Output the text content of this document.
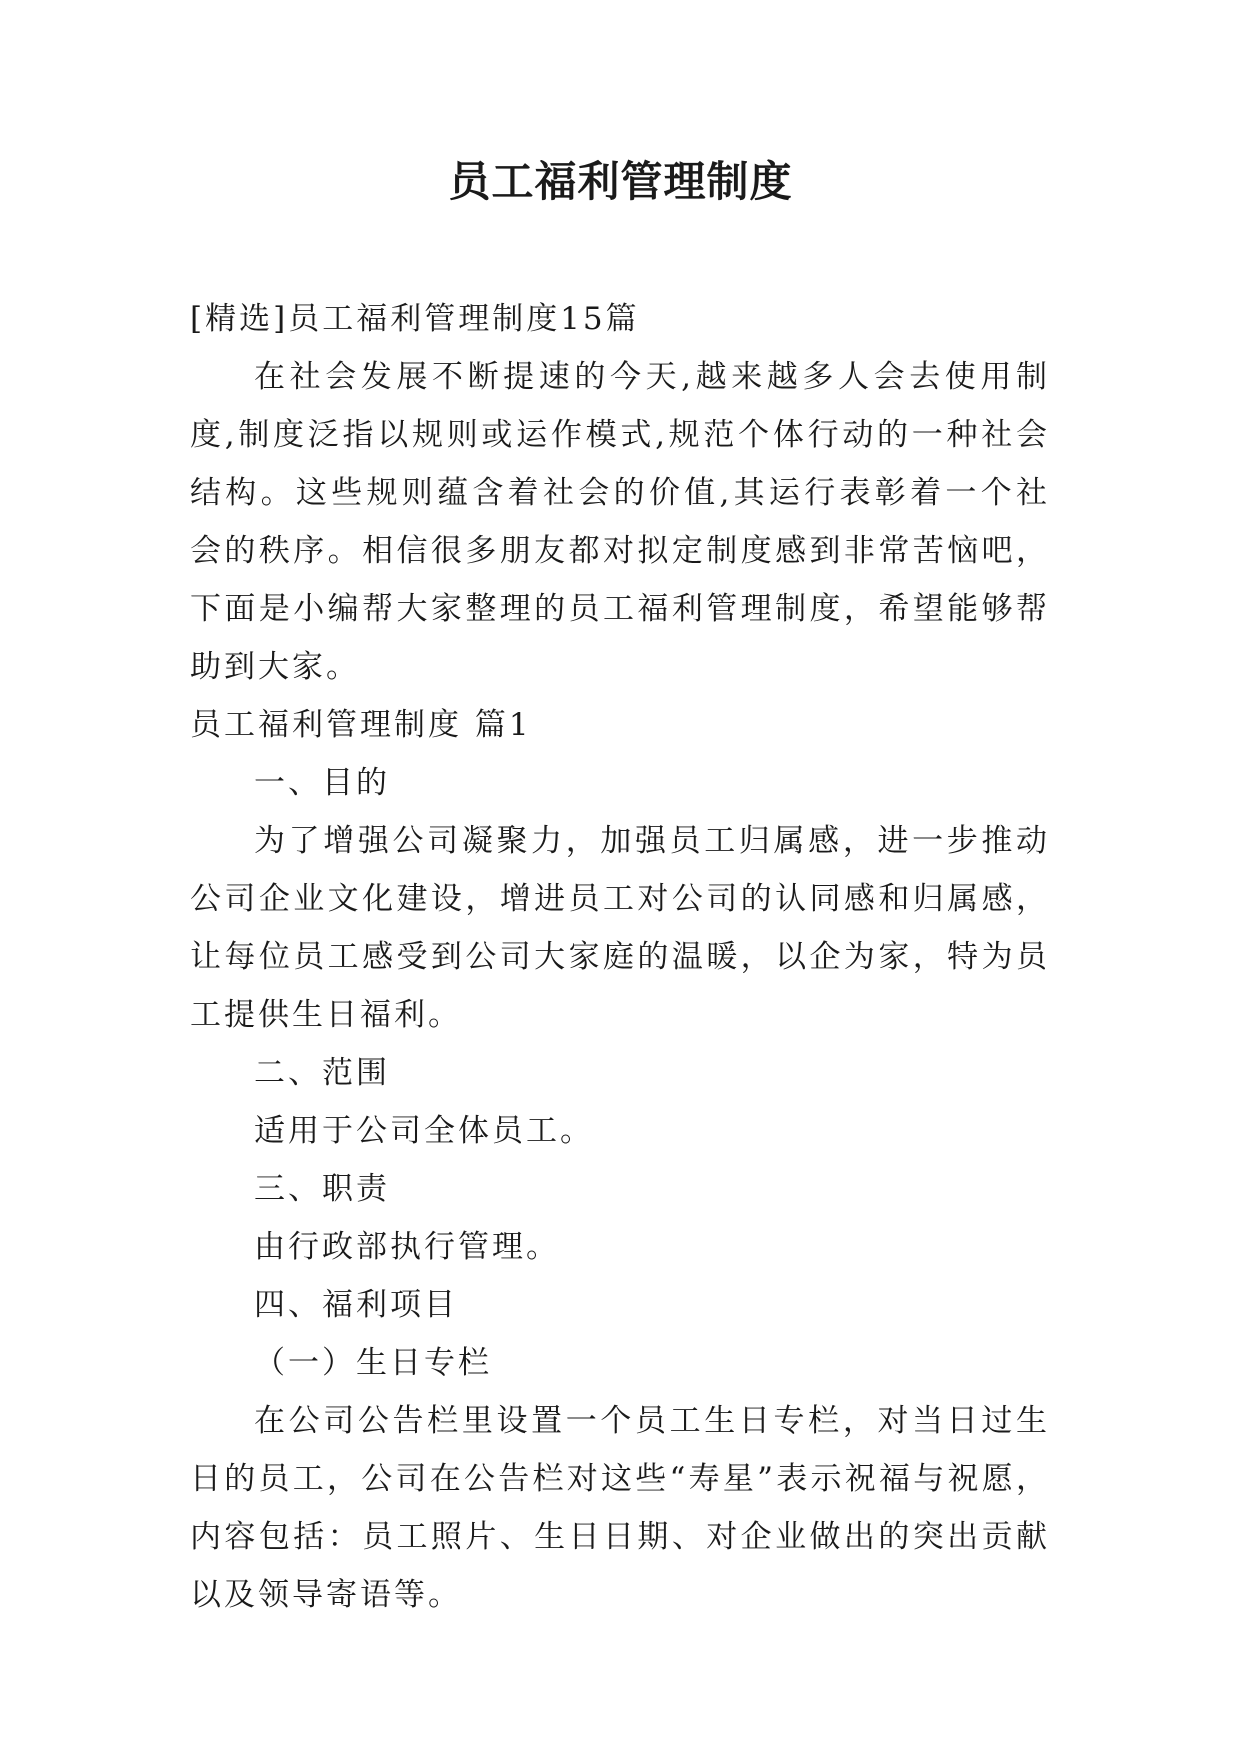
员工福利管理制度

[精选]员工福利管理制度15篇

在社会发展不断提速的今天,越来越多人会去使用制度,制度泛指以规则或运作模式,规范个体行动的一种社会结构。这些规则蕴含着社会的价值,其运行表彰着一个社会的秩序。相信很多朋友都对拟定制度感到非常苦恼吧，下面是小编帮大家整理的员工福利管理制度，希望能够帮助到大家。

员工福利管理制度 篇1

一、目的

为了增强公司凝聚力，加强员工归属感，进一步推动公司企业文化建设，增进员工对公司的认同感和归属感，让每位员工感受到公司大家庭的温暖，以企为家，特为员工提供生日福利。

二、范围

适用于公司全体员工。

三、职责

由行政部执行管理。

四、福利项目

（一）生日专栏

在公司公告栏里设置一个员工生日专栏，对当日过生日的员工，公司在公告栏对这些“寿星”表示祝福与祝愿，内容包括：员工照片、生日日期、对企业做出的突出贡献以及领导寄语等。
